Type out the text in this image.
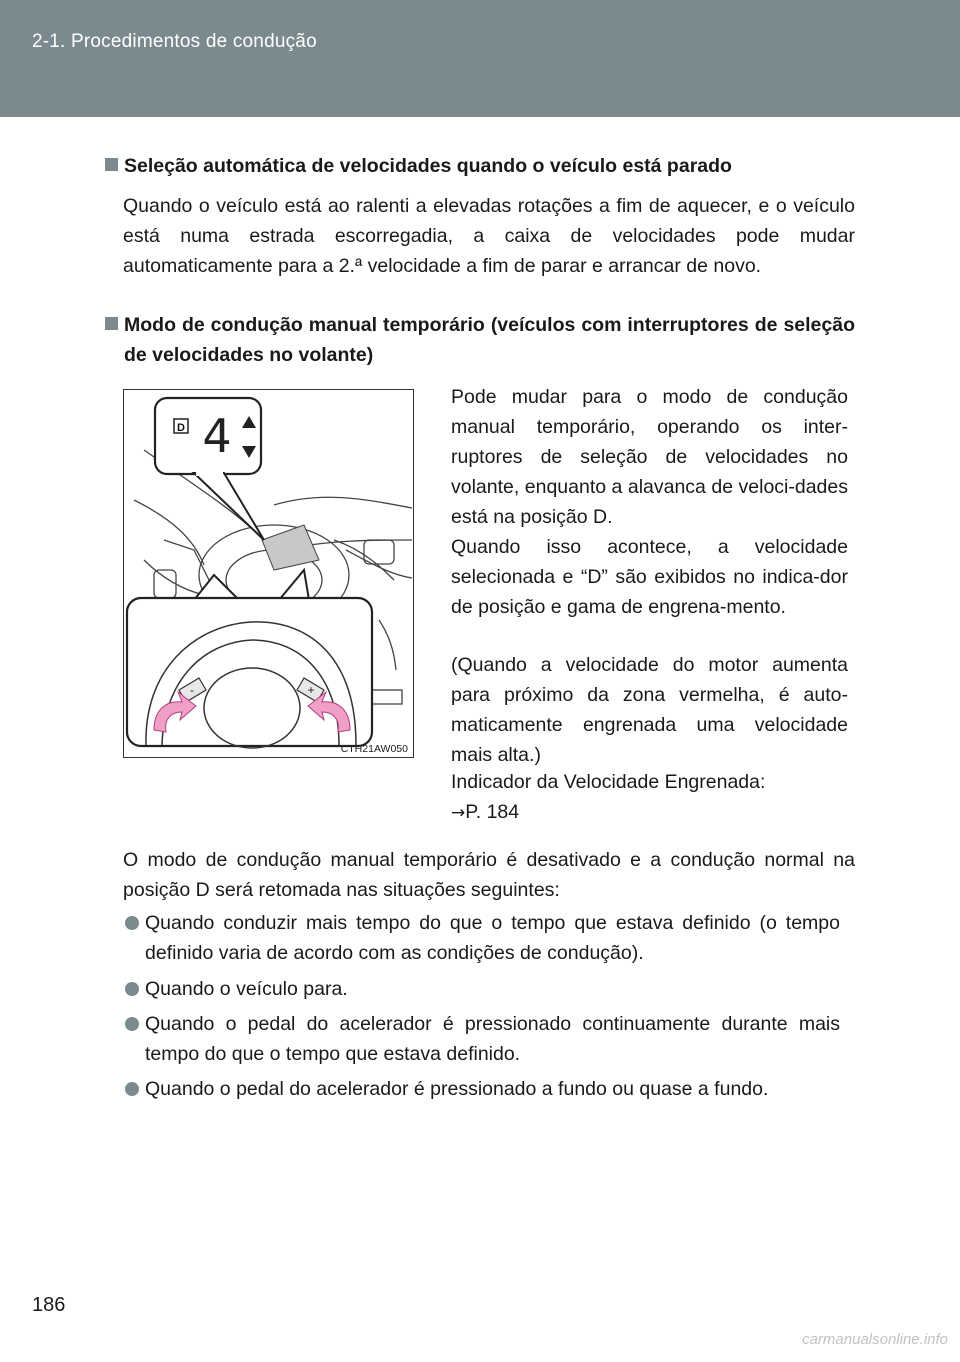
2-1. Procedimentos de condução
Seleção automática de velocidades quando o veículo está parado
Quando o veículo está ao ralenti a elevadas rotações a fim de aquecer, e o veículo está numa estrada escorregadia, a caixa de velocidades pode mudar automaticamente para a 2.ª velocidade a fim de parar e arrancar de novo.
Modo de condução manual temporário (veículos com interruptores de seleção de velocidades no volante)
D 4
-	+
CTH21AW050
Pode mudar para o modo de condução manual temporário, operando os inter-ruptores de seleção de velocidades no volante, enquanto a alavanca de veloci-dades está na posição D.
Quando isso acontece, a velocidade selecionada e “D” são exibidos no indica-dor de posição e gama de engrena-mento.
(Quando a velocidade do motor aumenta para próximo da zona vermelha, é auto-maticamente engrenada uma velocidade mais alta.)
Indicador da Velocidade Engrenada:
→P. 184
O modo de condução manual temporário é desativado e a condução normal na posição D será retomada nas situações seguintes:
Quando conduzir mais tempo do que o tempo que estava definido (o tempo definido varia de acordo com as condições de condução).
Quando o veículo para.
Quando o pedal do acelerador é pressionado continuamente durante mais tempo do que o tempo que estava definido.
Quando o pedal do acelerador é pressionado a fundo ou quase a fundo.
186
carmanualsonline.info
